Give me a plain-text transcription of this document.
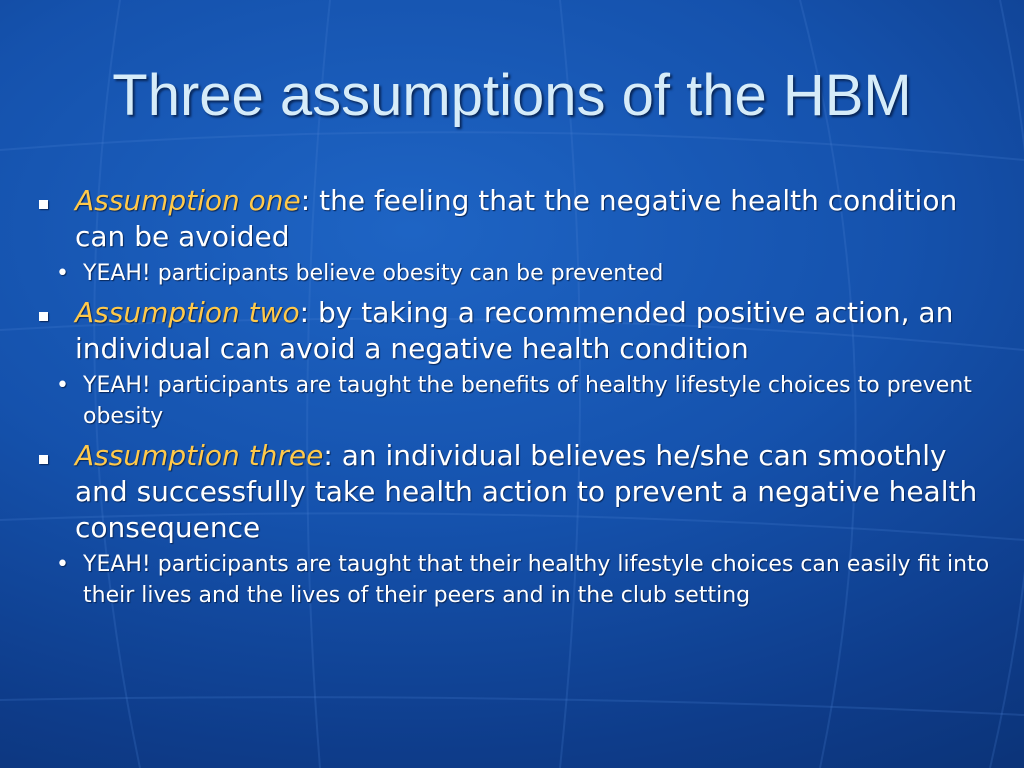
Three assumptions of the HBM
Assumption one: the feeling that the negative health condition can be avoided
• YEAH! participants believe obesity can be prevented
Assumption two: by taking a recommended positive action, an individual can avoid a negative health condition
• YEAH! participants are taught the benefits of healthy lifestyle choices to prevent obesity
Assumption three: an individual believes he/she can smoothly and successfully take health action to prevent a negative health consequence
• YEAH! participants are taught that their healthy lifestyle choices can easily fit into their lives and the lives of their peers and in the club setting
